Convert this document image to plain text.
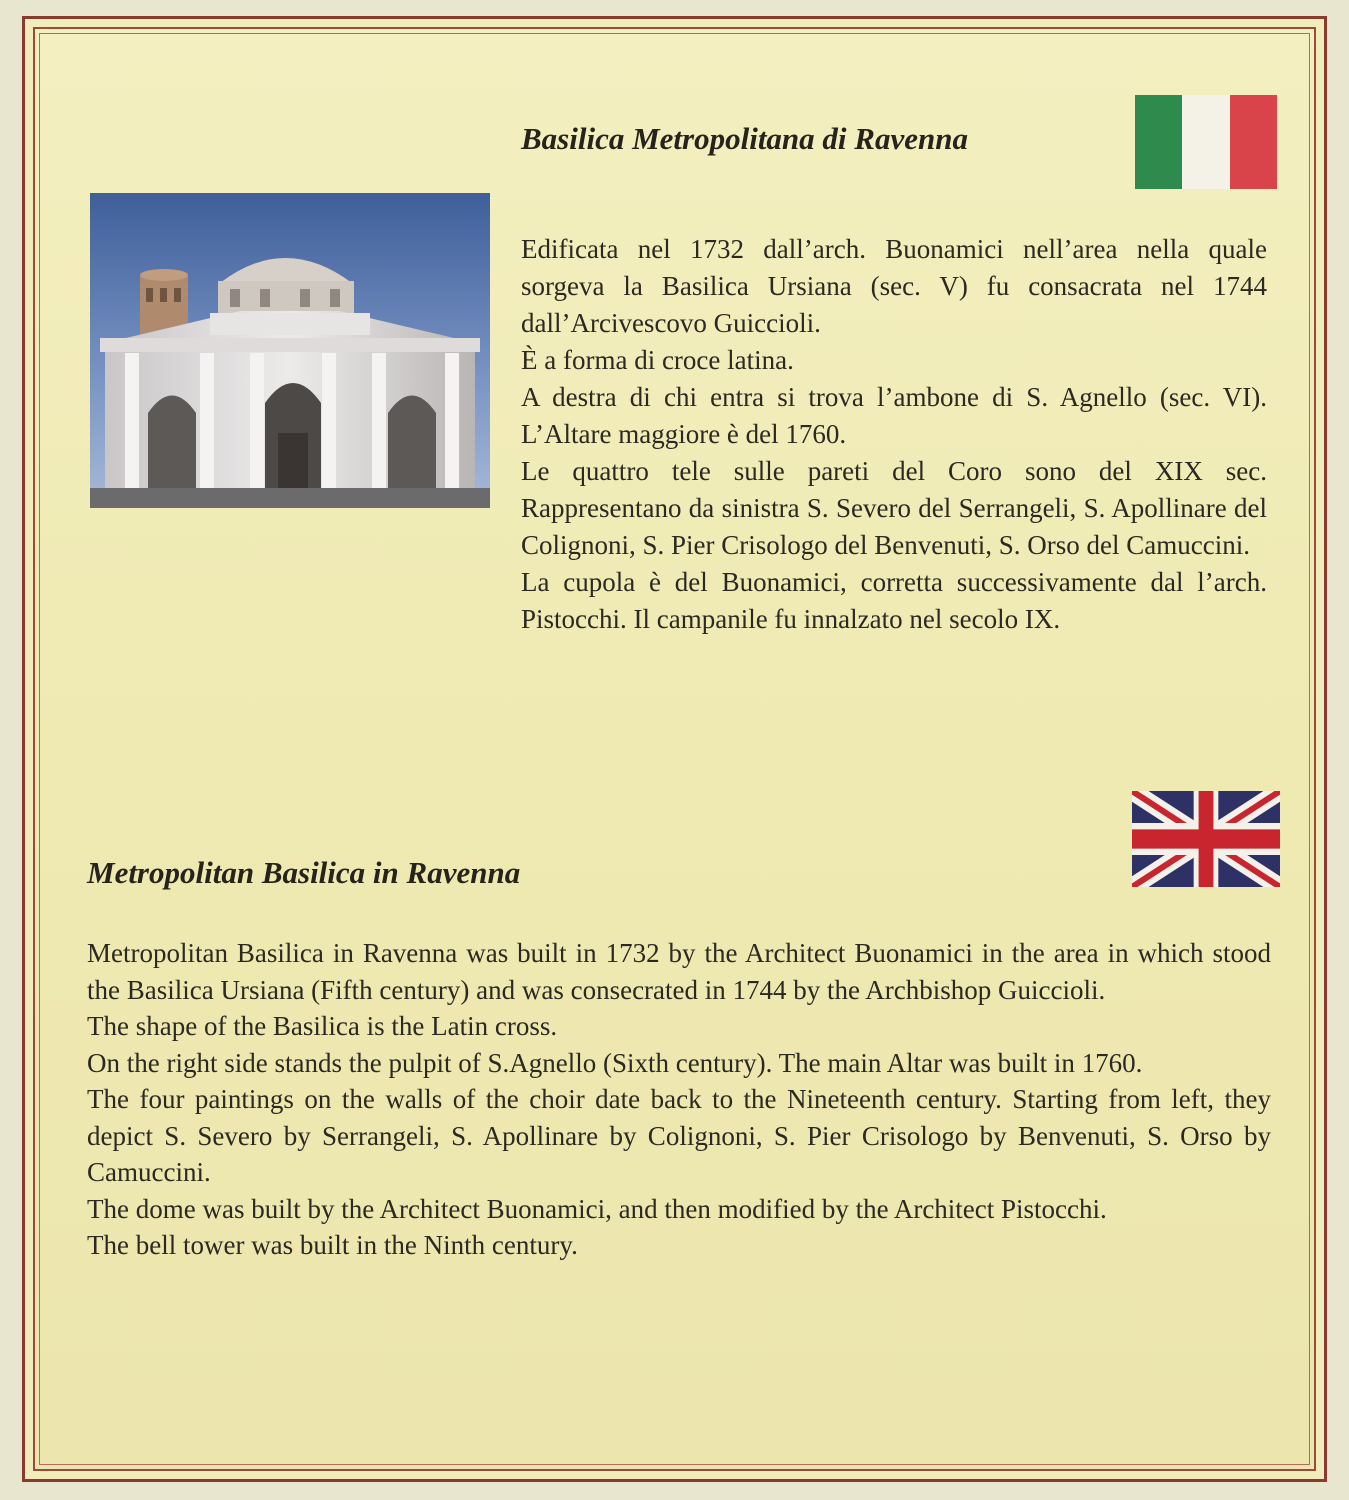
Basilica Metropolitana di Ravenna

Edificata nel 1732 dall’arch. Buonamici nell’area nella quale sorgeva la Basilica Ursiana (sec. V) fu consacrata nel 1744 dall’Arcivescovo Guiccioli.

È a forma di croce latina.

A destra di chi entra si trova l’ambone di S. Agnello (sec. VI). L’Altare maggiore è del 1760.

Le quattro tele sulle pareti del Coro sono del XIX sec. Rappresentano da sinistra S. Severo del Serrangeli, S. Apollinare del Colignoni, S. Pier Crisologo del Benvenuti, S. Orso del Camuccini.

La cupola è del Buonamici, corretta successivamente dal l’arch. Pistocchi. Il campanile fu innalzato nel secolo IX.

Metropolitan Basilica in Ravenna

Metropolitan Basilica in Ravenna was built in 1732 by the Architect Buonamici in the area in which stood the Basilica Ursiana (Fifth century) and was consecrated in 1744 by the Archbishop Guiccioli.

The shape of the Basilica is the Latin cross.

On the right side stands the pulpit of S.Agnello (Sixth century). The main Altar was built in 1760.

The four paintings on the walls of the choir date back to the Nineteenth century. Starting from left, they depict S. Severo by Serrangeli, S. Apollinare by Colignoni, S. Pier Crisologo by Benvenuti, S. Orso by Camuccini.

The dome was built by the Architect Buonamici, and then modified by the Architect Pistocchi.

The bell tower was built in the Ninth century.
